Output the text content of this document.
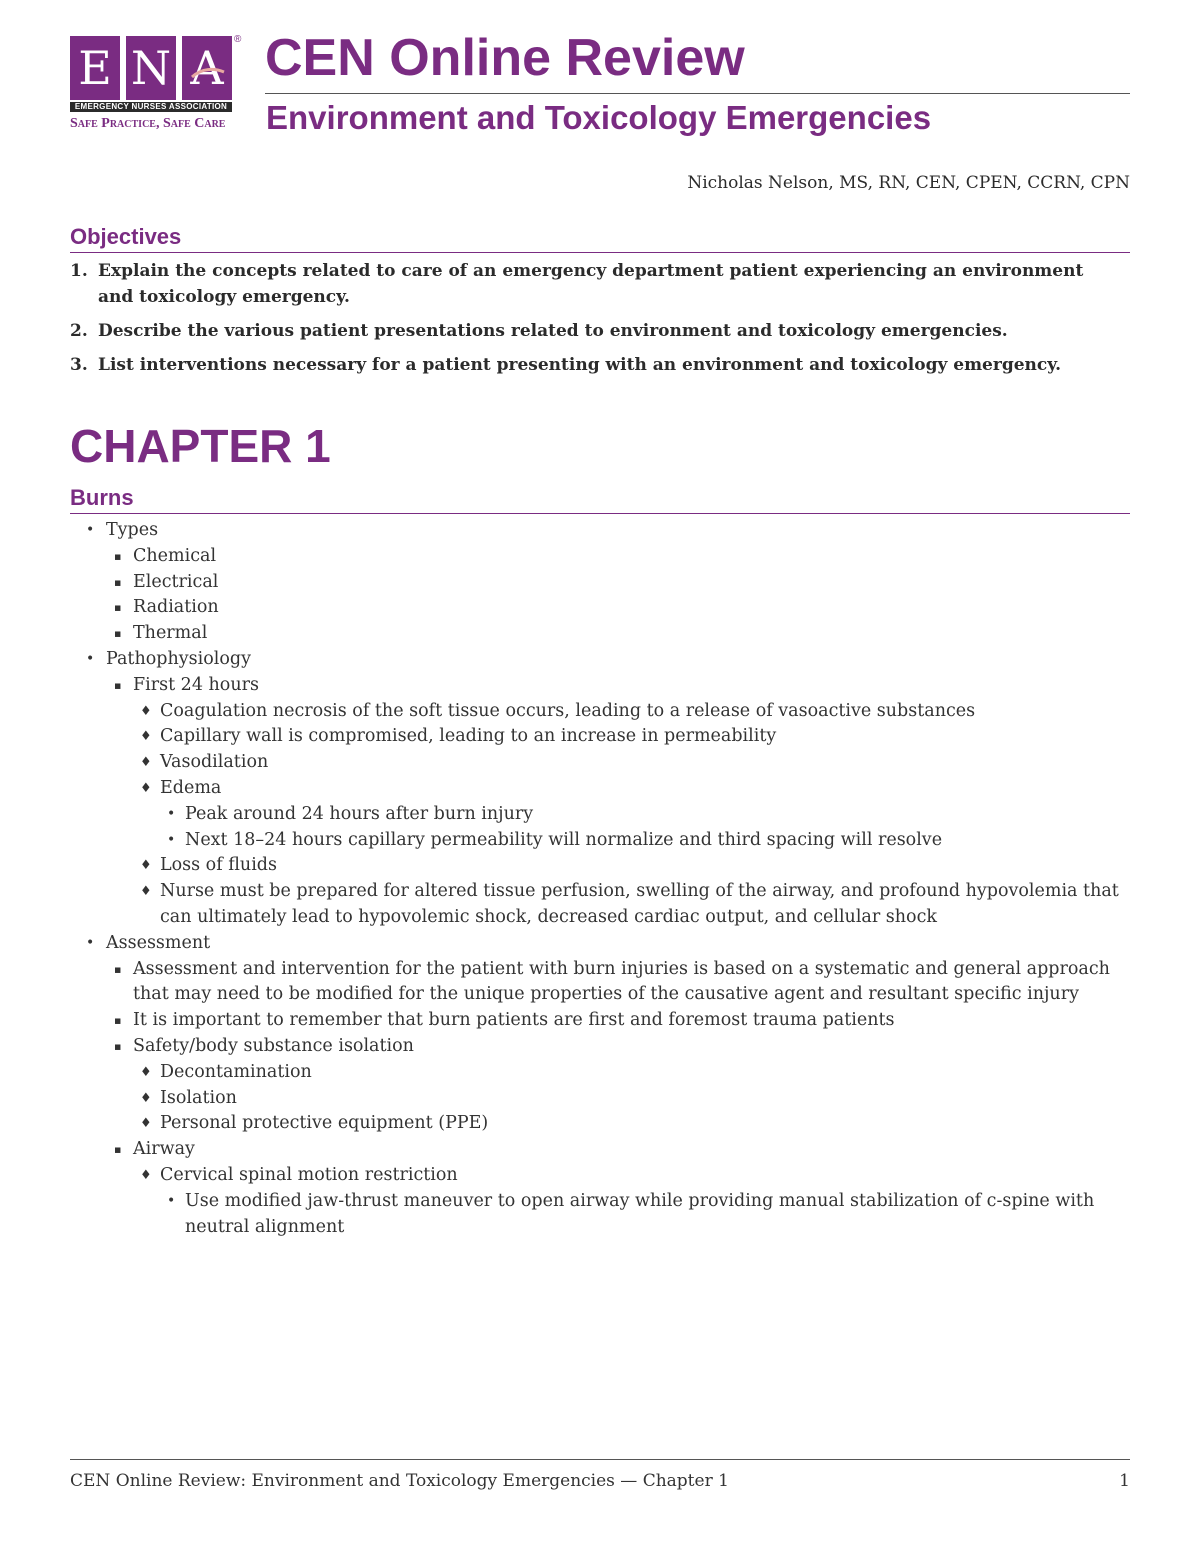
E N A
®
EMERGENCY NURSES ASSOCIATION
Safe Practice, Safe Care
CEN Online Review
Environment and Toxicology Emergencies
Nicholas Nelson, MS, RN, CEN, CPEN, CCRN, CPN
Objectives
1. Explain the concepts related to care of an emergency department patient experiencing an environment and toxicology emergency.
2. Describe the various patient presentations related to environment and toxicology emergencies.
3. List interventions necessary for a patient presenting with an environment and toxicology emergency.
CHAPTER 1
Burns
• Types
▪ Chemical
▪ Electrical
▪ Radiation
▪ Thermal
• Pathophysiology
▪ First 24 hours
♦ Coagulation necrosis of the soft tissue occurs, leading to a release of vasoactive substances
♦ Capillary wall is compromised, leading to an increase in permeability
♦ Vasodilation
♦ Edema
• Peak around 24 hours after burn injury
• Next 18–24 hours capillary permeability will normalize and third spacing will resolve
♦ Loss of fluids
♦ Nurse must be prepared for altered tissue perfusion, swelling of the airway, and profound hypovolemia that can ultimately lead to hypovolemic shock, decreased cardiac output, and cellular shock
• Assessment
▪ Assessment and intervention for the patient with burn injuries is based on a systematic and general approach that may need to be modified for the unique properties of the causative agent and resultant specific injury
▪ It is important to remember that burn patients are first and foremost trauma patients
▪ Safety/body substance isolation
♦ Decontamination
♦ Isolation
♦ Personal protective equipment (PPE)
▪ Airway
♦ Cervical spinal motion restriction
• Use modified jaw-thrust maneuver to open airway while providing manual stabilization of c-spine with neutral alignment
CEN Online Review: Environment and Toxicology Emergencies — Chapter 1	1
